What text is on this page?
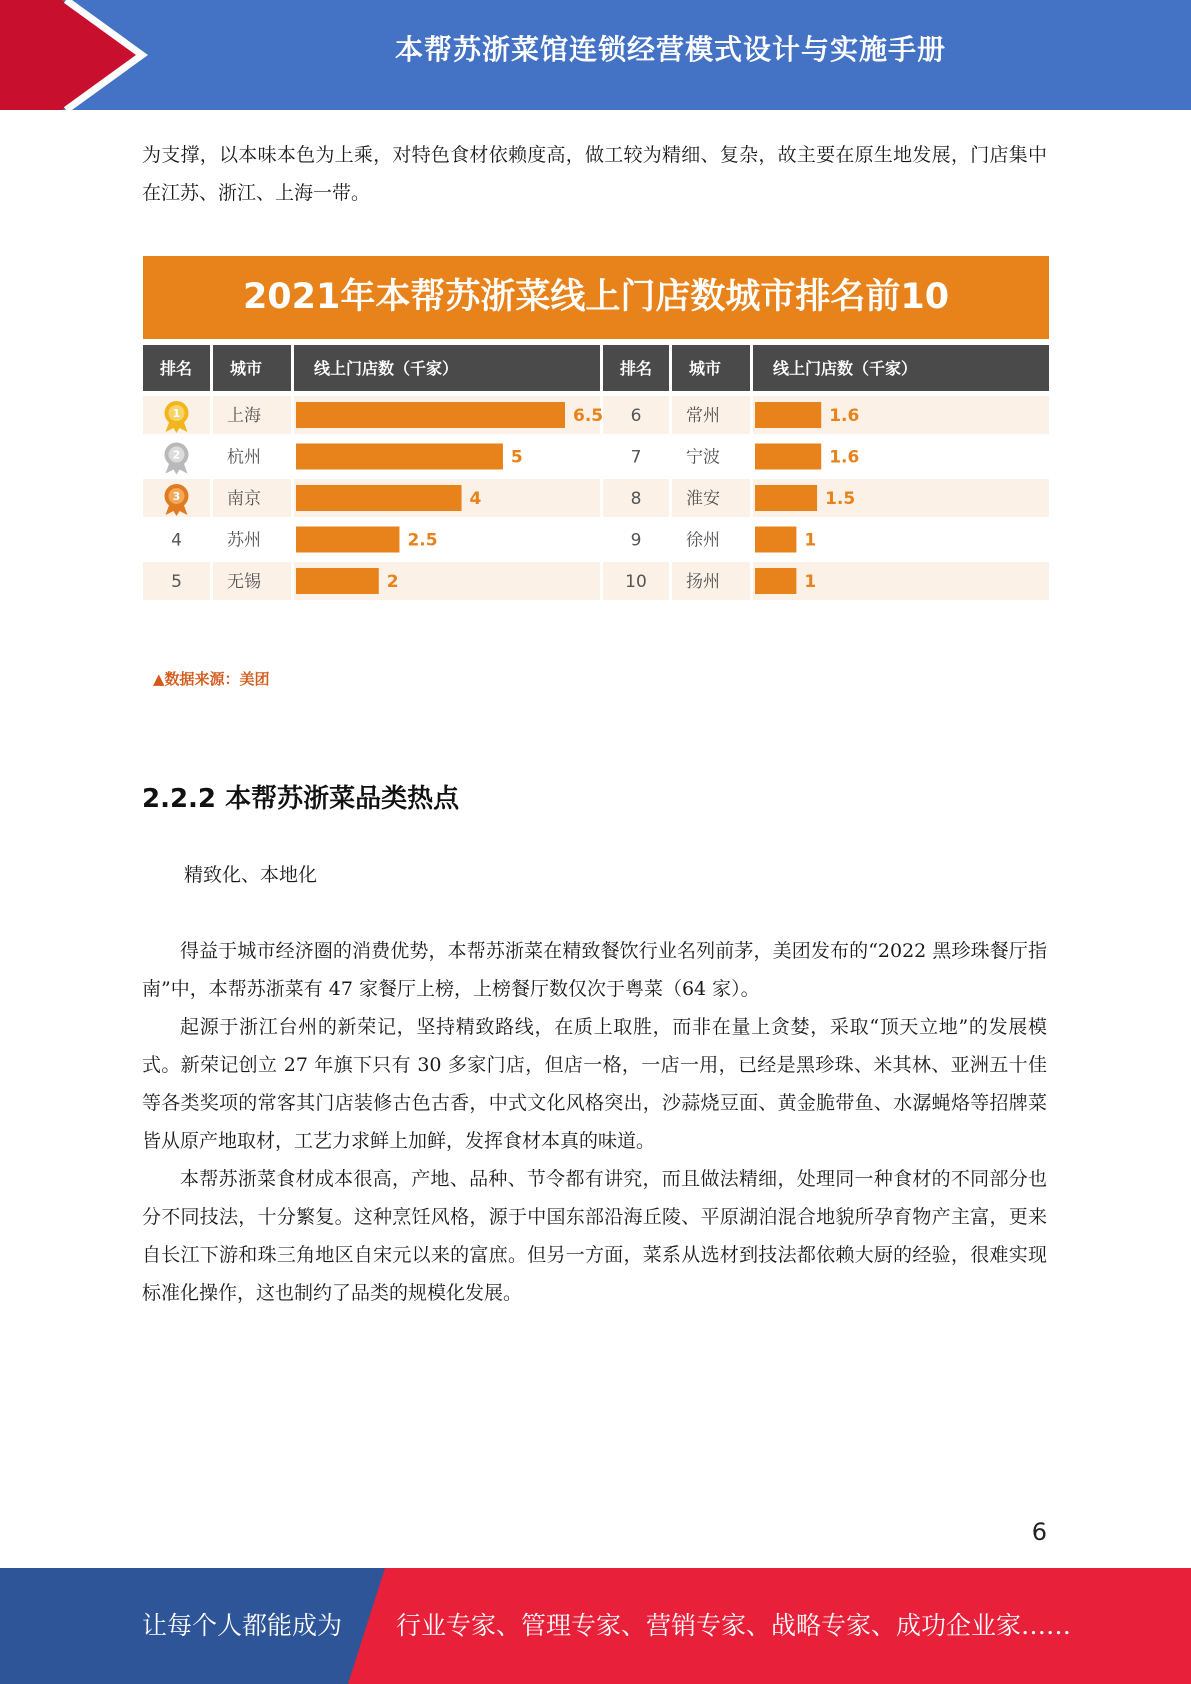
本帮苏浙菜馆连锁经营模式设计与实施手册

为支撑，以本味本色为上乘，对特色食材依赖度高，做工较为精细、复杂，故主要在原生地发展，门店集中在江苏、浙江、上海一带。

2021年本帮苏浙菜线上门店数城市排名前10
排名 城市	线上门店数（千家）	排名 城市	线上门店数（千家）
1	上海	6.5
2	杭州	5
3	南京	4
4	苏州	2.5
5	无锡	2
6	常州	1.6
7	宁波	1.6
8	淮安	1.5
9	徐州	1
10 扬州	1
▲数据来源：美团
2.2.2 本帮苏浙菜品类热点

精致化、本地化

得益于城市经济圈的消费优势，本帮苏浙菜在精致餐饮行业名列前茅，美团发布的“2022 黑珍珠餐厅指南”中，本帮苏浙菜有 47 家餐厅上榜，上榜餐厅数仅次于粤菜（64 家）。

起源于浙江台州的新荣记，坚持精致路线，在质上取胜，而非在量上贪婪，采取“顶天立地”的发展模式。新荣记创立 27 年旗下只有 30 多家门店，但店一格，一店一用，已经是黑珍珠、米其林、亚洲五十佳等各类奖项的常客其门店装修古色古香，中式文化风格突出，沙蒜烧豆面、黄金脆带鱼、水潺蝇烙等招牌菜皆从原产地取材，工艺力求鲜上加鲜，发挥食材本真的味道。

本帮苏浙菜食材成本很高，产地、品种、节令都有讲究，而且做法精细，处理同一种食材的不同部分也分不同技法，十分繁复。这种烹饪风格，源于中国东部沿海丘陵、平原湖泊混合地貌所孕育物产主富，更来自长江下游和珠三角地区自宋元以来的富庶。但另一方面，菜系从选材到技法都依赖大厨的经验，很难实现标准化操作，这也制约了品类的规模化发展。

6
让每个人都能成为 行业专家、管理专家、营销专家、战略专家、成功企业家……
